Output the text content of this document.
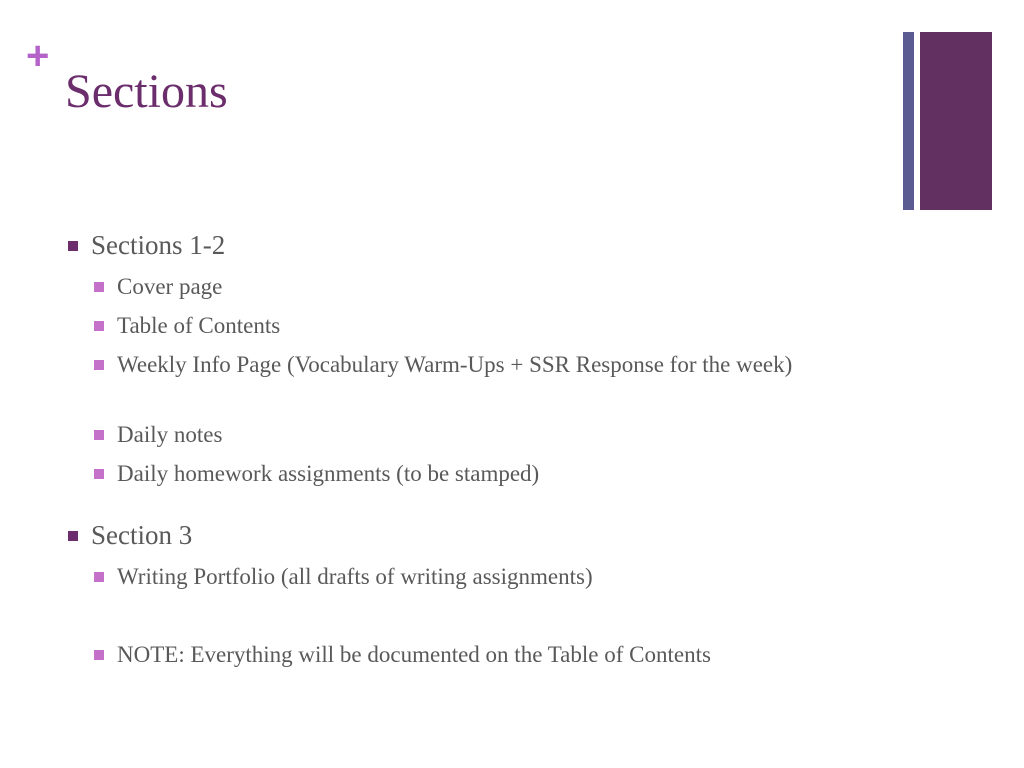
+
Sections
Sections 1-2
Cover page
Table of Contents
Weekly Info Page (Vocabulary Warm-Ups + SSR Response for the week)
Daily notes
Daily homework assignments (to be stamped)
Section 3
Writing Portfolio (all drafts of writing assignments)
NOTE: Everything will be documented on the Table of Contents
